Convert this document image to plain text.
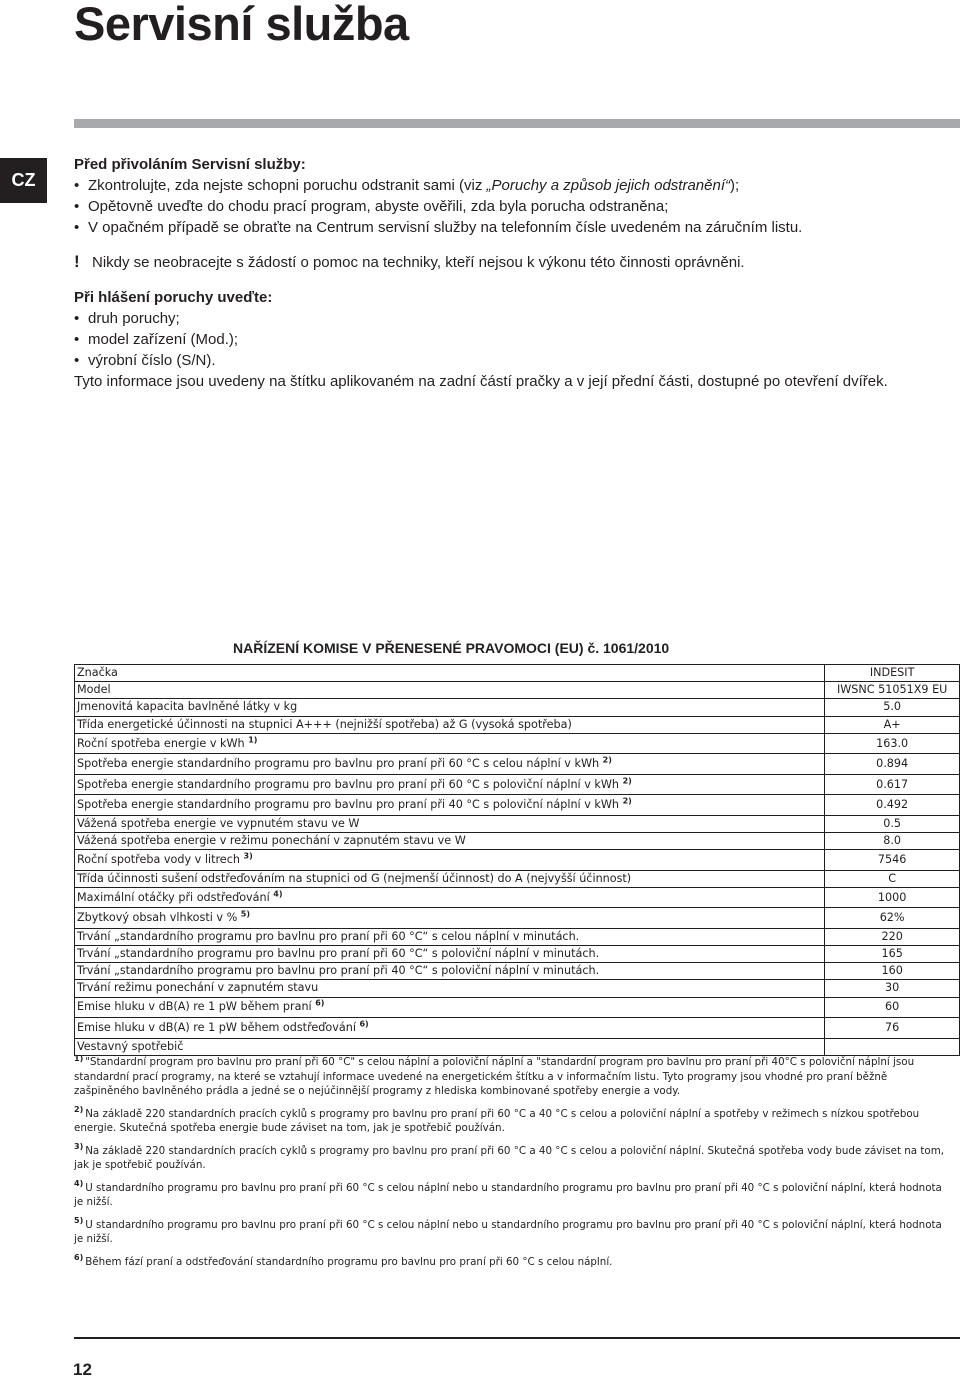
Servisní služba
CZ

Před přivoláním Servisní služby:

• Zkontrolujte, zda nejste schopni poruchu odstranit sami (viz „Poruchy a způsob jejich odstranění“);
• Opětovně uveďte do chodu prací program, abyste ověřili, zda byla porucha odstraněna;
• V opačném případě se obraťte na Centrum servisní služby na telefonním čísle uvedeném na záručním listu.
! Nikdy se neobracejte s žádostí o pomoc na techniky, kteří nejsou k výkonu této činnosti oprávněni.

Při hlášení poruchy uveďte:

• druh poruchy;
• model zařízení (Mod.);
• výrobní číslo (S/N).
Tyto informace jsou uvedeny na štítku aplikovaném na zadní částí pračky a v její přední části, dostupné po otevření dvířek.
NAŘÍZENÍ KOMISE V PŘENESENÉ PRAVOMOCI (EU) č. 1061/2010
Značka	INDESIT
Model	IWSNC 51051X9 EU
Jmenovitá kapacita bavlněné látky v kg	5.0
Třída energetické účinnosti na stupnici A+++ (nejnižší spotřeba) až G (vysoká spotřeba)	A+
Roční spotřeba energie v kWh $^{1)}$	163.0
Spotřeba energie standardního programu pro bavlnu pro praní při 60 °C s celou náplní v kWh $^{2)}$	0.894
Spotřeba energie standardního programu pro bavlnu pro praní při 60 °C s poloviční náplní v kWh $^{2)}$	0.617
Spotřeba energie standardního programu pro bavlnu pro praní při 40 °C s poloviční náplní v kWh $^{2)}$	0.492
Vážená spotřeba energie ve vypnutém stavu ve W	0.5
Vážená spotřeba energie v režimu ponechání v zapnutém stavu ve W	8.0
Roční spotřeba vody v litrech $^{3)}$	7546
Třída účinnosti sušení odstřeďováním na stupnici od G (nejmenší účinnost) do A (nejvyšší účinnost)	C
Maximální otáčky při odstřeďování $^{4)}$	1000
Zbytkový obsah vlhkosti v % $^{5)}$	62%
Trvání „standardního programu pro bavlnu pro praní při 60 °C“ s celou náplní v minutách.	220
Trvání „standardního programu pro bavlnu pro praní při 60 °C“ s poloviční náplní v minutách.	165
Trvání „standardního programu pro bavlnu pro praní při 40 °C“ s poloviční náplní v minutách.	160
Trvání režimu ponechání v zapnutém stavu	30
Emise hluku v dB(A) re 1 pW během praní $^{6)}$	60
Emise hluku v dB(A) re 1 pW během odstřeďování $^{6)}$	76
Vestavný spotřebič	
$^{1)}$ "Standardní program pro bavlnu pro praní při 60 °C" s celou náplní a poloviční náplní a "standardní program pro bavlnu pro praní při 40°C s poloviční náplní jsou standardní prací programy, na které se vztahují informace uvedené na energetickém štítku a v informačním listu. Tyto programy jsou vhodné pro praní běžně zašpiněného bavlněného prádla a jedné se o nejúčinnější programy z hlediska kombinované spotřeby energie a vody.
$^{2)}$ Na základě 220 standardních pracích cyklů s programy pro bavlnu pro praní při 60 °C a 40 °C s celou a poloviční náplní a spotřeby v režimech s nízkou spotřebou energie. Skutečná spotřeba energie bude záviset na tom, jak je spotřebič používán.
$^{3)}$ Na základě 220 standardních pracích cyklů s programy pro bavlnu pro praní při 60 °C a 40 °C s celou a poloviční náplní. Skutečná spotřeba vody bude záviset na tom, jak je spotřebič používán.
$^{4)}$ U standardního programu pro bavlnu pro praní při 60 °C s celou náplní nebo u standardního programu pro bavlnu pro praní při 40 °C s poloviční náplní, která hodnota je nižší.
$^{5)}$ U standardního programu pro bavlnu pro praní při 60 °C s celou náplní nebo u standardního programu pro bavlnu pro praní při 40 °C s poloviční náplní, která hodnota je nižší.
$^{6)}$ Během fází praní a odstřeďování standardního programu pro bavlnu pro praní při 60 °C s celou náplní.
12
